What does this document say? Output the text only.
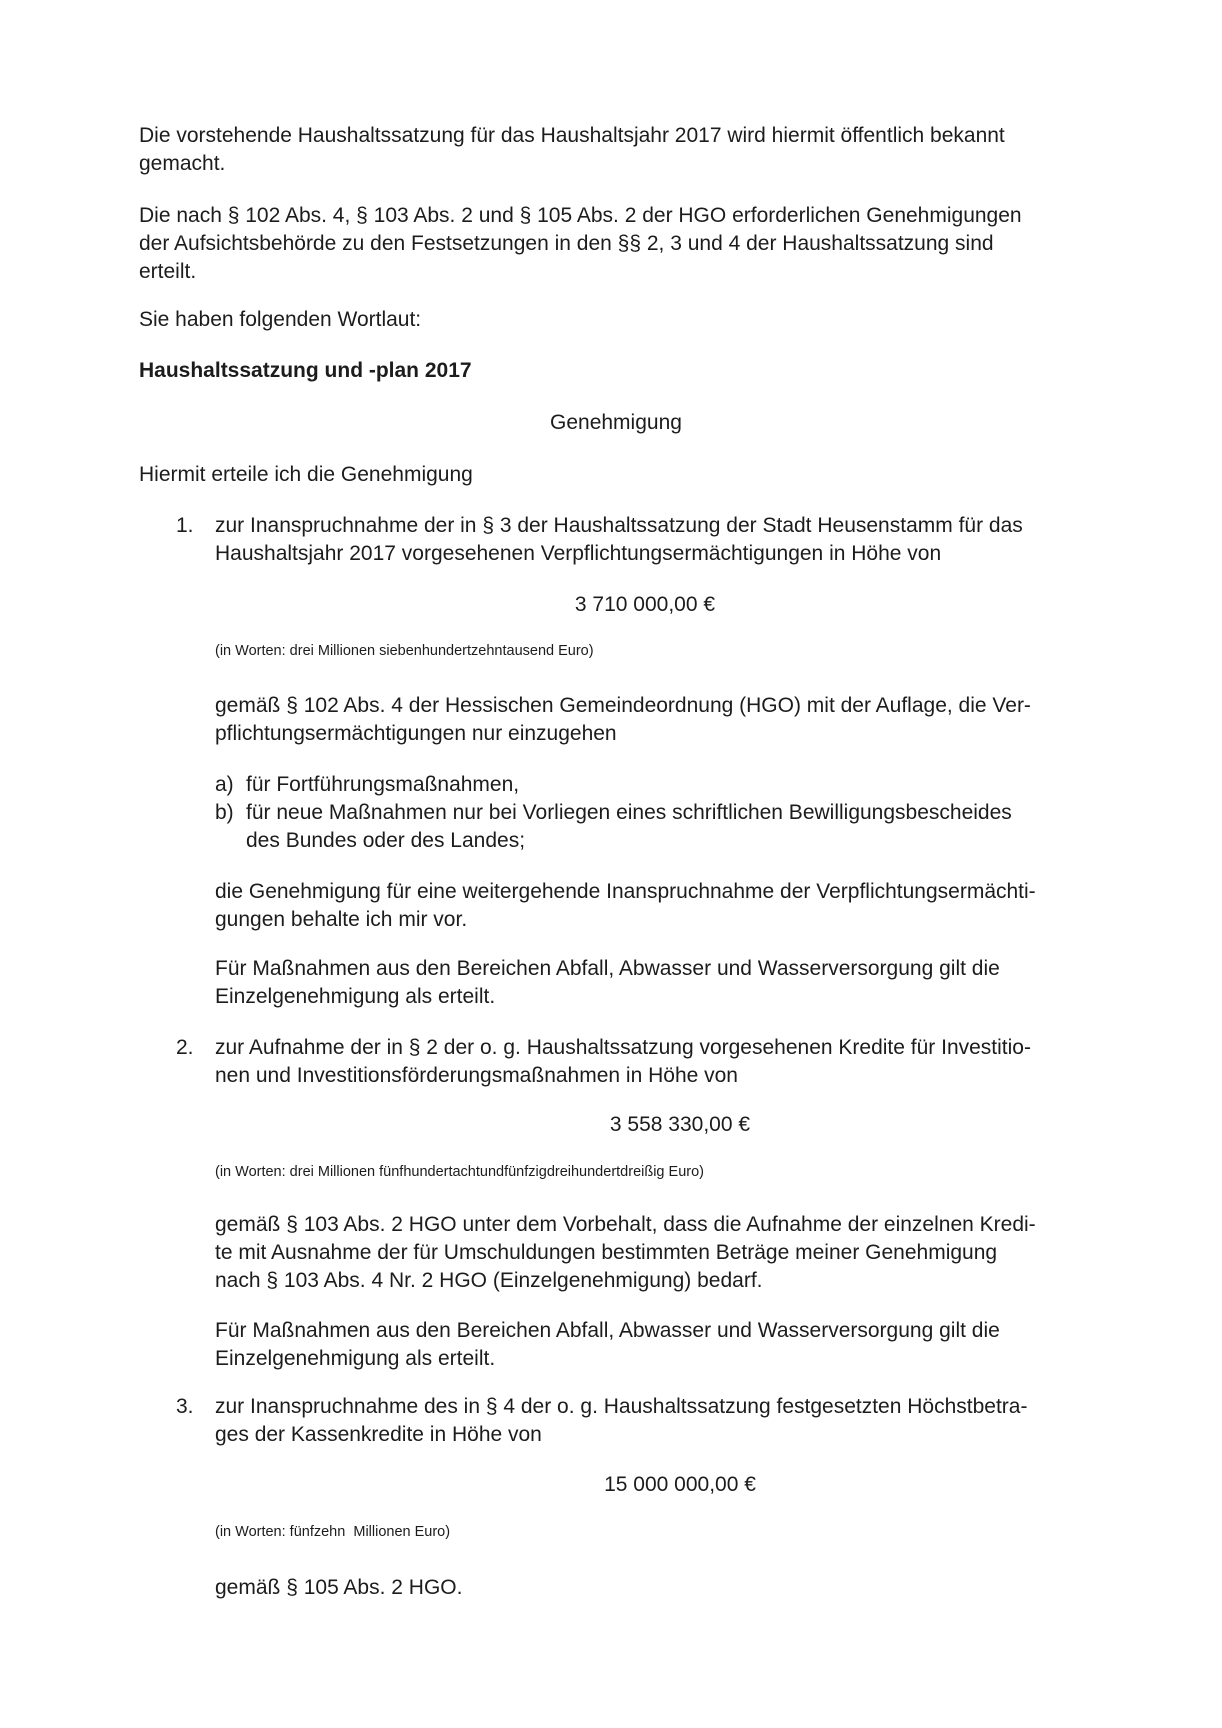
Die vorstehende Haushaltssatzung für das Haushaltsjahr 2017 wird hiermit öffentlich bekannt
gemacht.
Die nach § 102 Abs. 4, § 103 Abs. 2 und § 105 Abs. 2 der HGO erforderlichen Genehmigungen
der Aufsichtsbehörde zu den Festsetzungen in den §§ 2, 3 und 4 der Haushaltssatzung sind
erteilt.
Sie haben folgenden Wortlaut:
Haushaltssatzung und -plan 2017
Genehmigung
Hiermit erteile ich die Genehmigung
1.	zur Inanspruchnahme der in § 3 der Haushaltssatzung der Stadt Heusenstamm für das
Haushaltsjahr 2017 vorgesehenen Verpflichtungsermächtigungen in Höhe von
3 710 000,00 €
(in Worten: drei Millionen siebenhundertzehntausend Euro)
gemäß § 102 Abs. 4 der Hessischen Gemeindeordnung (HGO) mit der Auflage, die Ver-
pflichtungsermächtigungen nur einzugehen
a) für Fortführungsmaßnahmen,
b) für neue Maßnahmen nur bei Vorliegen eines schriftlichen Bewilligungsbescheides
des Bundes oder des Landes;
die Genehmigung für eine weitergehende Inanspruchnahme der Verpflichtungsermächti-
gungen behalte ich mir vor.
Für Maßnahmen aus den Bereichen Abfall, Abwasser und Wasserversorgung gilt die
Einzelgenehmigung als erteilt.
2.	zur Aufnahme der in § 2 der o. g. Haushaltssatzung vorgesehenen Kredite für Investitio-
nen und Investitionsförderungsmaßnahmen in Höhe von
3 558 330,00 €
(in Worten: drei Millionen fünfhundertachtundfünfzigdreihundertdreißig Euro)
gemäß § 103 Abs. 2 HGO unter dem Vorbehalt, dass die Aufnahme der einzelnen Kredi-
te mit Ausnahme der für Umschuldungen bestimmten Beträge meiner Genehmigung
nach § 103 Abs. 4 Nr. 2 HGO (Einzelgenehmigung) bedarf.
Für Maßnahmen aus den Bereichen Abfall, Abwasser und Wasserversorgung gilt die
Einzelgenehmigung als erteilt.
3.	zur Inanspruchnahme des in § 4 der o. g. Haushaltssatzung festgesetzten Höchstbetra-
ges der Kassenkredite in Höhe von
15 000 000,00 €
(in Worten: fünfzehn  Millionen Euro)
gemäß § 105 Abs. 2 HGO.
